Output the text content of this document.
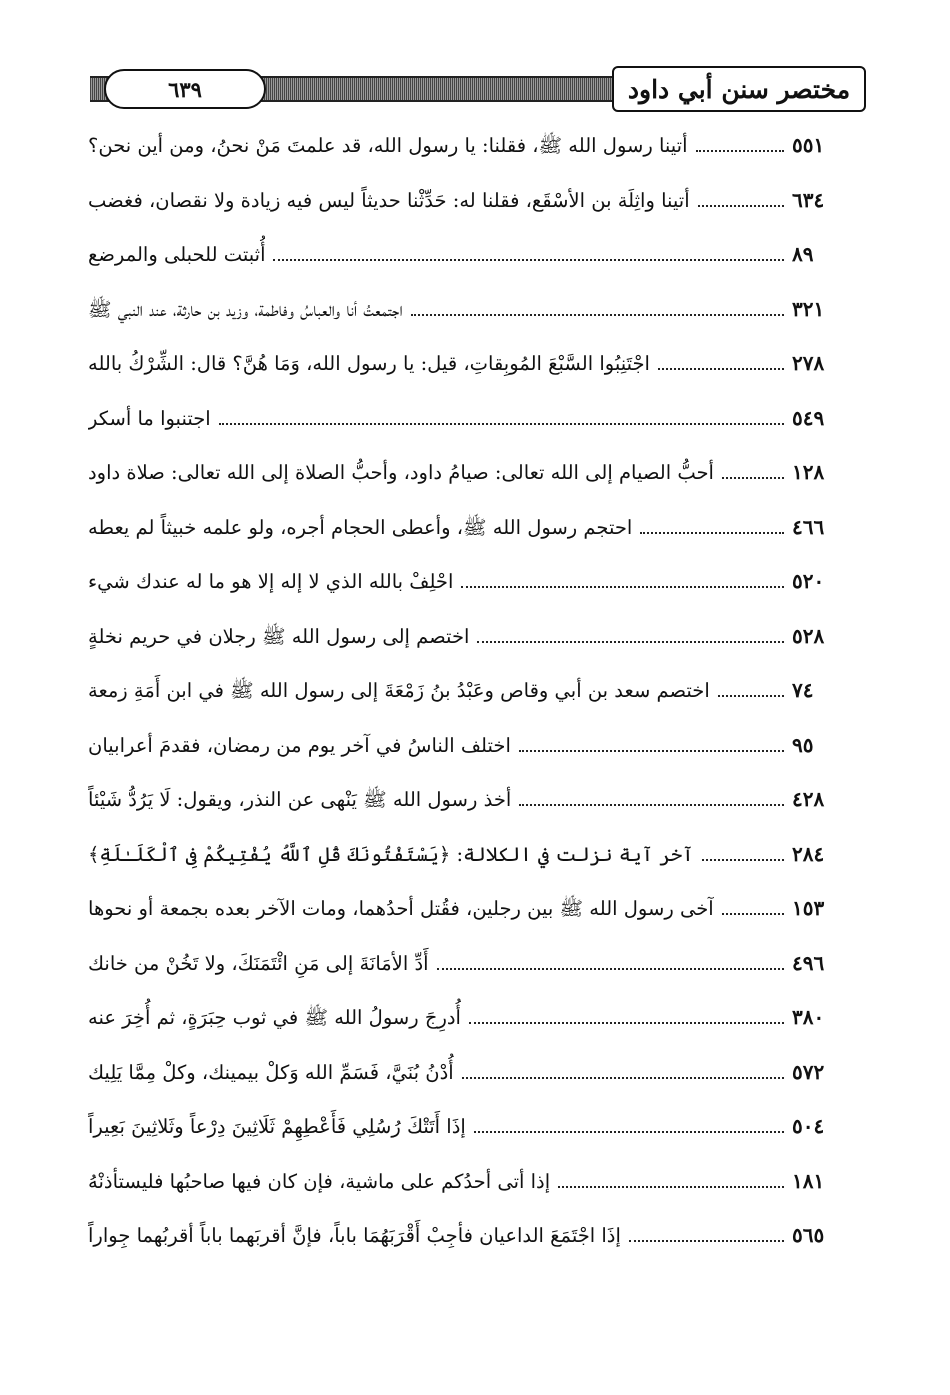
٦٣٩	مختصر سنن أبي داود
أتينا رسول الله ﷺ، فقلنا: يا رسول الله، قد علمتَ مَنْ نحنُ، ومن أين نحن؟	٥٥١
أتينا واثِلَة بن الأسْقَع، فقلنا له: حَدِّثْنا حديثاً ليس فيه زيادة ولا نقصان، فغضب	٦٣٤
أُثبتت للحبلى والمرضع	٨٩
اجتمعتُ أنا والعباسُ وفاطمة، وزيد بن حارثة، عند النبي ﷺ	٣٢١
اجْتَنِبُوا السَّبْعَ المُوبِقاتِ، قيل: يا رسول الله، وَمَا هُنَّ؟ قال: الشِّرْكُ بالله	٢٧٨
اجتنبوا ما أسكر	٥٤٩
أحبُّ الصيام إلى الله تعالى: صيامُ داود، وأحبُّ الصلاة إلى الله تعالى: صلاة داود	١٢٨
احتجم رسول الله ﷺ، وأعطى الحجام أجره، ولو علمه خبيثاً لم يعطه	٤٦٦
احْلِفْ بالله الذي لا إله إلا هو ما له عندك شيء	٥٢٠
اختصم إلى رسول الله ﷺ رجلان في حريم نخلةٍ	٥٢٨
اختصم سعد بن أبي وقاص وعَبْدُ بنُ زَمْعَةَ إلى رسول الله ﷺ في ابن أَمَةِ زمعة	٧٤
اختلف الناسُ في آخر يوم من رمضان، فقدمَ أعرابيان	٩٥
أخذ رسول الله ﷺ يَنْهى عن النذر، ويقول: لَا يَرُدُّ شَيْئاً	٤٢٨
آخر آية نزلت في الكلالة: ﴿يَسْتَفْتُونَكَ قُلِ ٱللَّهُ يُفْتِيكُمْ فِى ٱلْكَلَـٰلَةِ﴾	٢٨٤
آخى رسول الله ﷺ بين رجلين، فقُتل أحدُهما، ومات الآخر بعده بجمعة أو نحوها	١٥٣
أَدِّ الأمَانَةَ إلى مَنِ ائْتَمَنَكَ، ولا تَخُنْ من خانك	٤٩٦
أُدرِجَ رسولُ الله ﷺ في ثوب حِبَرَةٍ، ثم أُخِرَ عنه	٣٨٠
أُدْنُ بُنَيَّ، فَسَمِّ الله وَكلْ بيمينك، وكلْ مِمَّا يَلِيك	٥٧٢
إذَا أَتَتْكَ رُسُلِي فَأَعْطِهِمْ ثَلَاثِينَ دِرْعاً وثَلاثِينَ بَعِيراً	٥٠٤
إذا أتى أحدُكم على ماشية، فإن كان فيها صاحبُها فليستأذنْهُ	١٨١
إذَا اجْتَمَعَ الداعيان فأجِبْ أَقْرَبَهُمَا باباً، فإنَّ أقربَهما باباً أقربُهما جِواراً	٥٦٥
